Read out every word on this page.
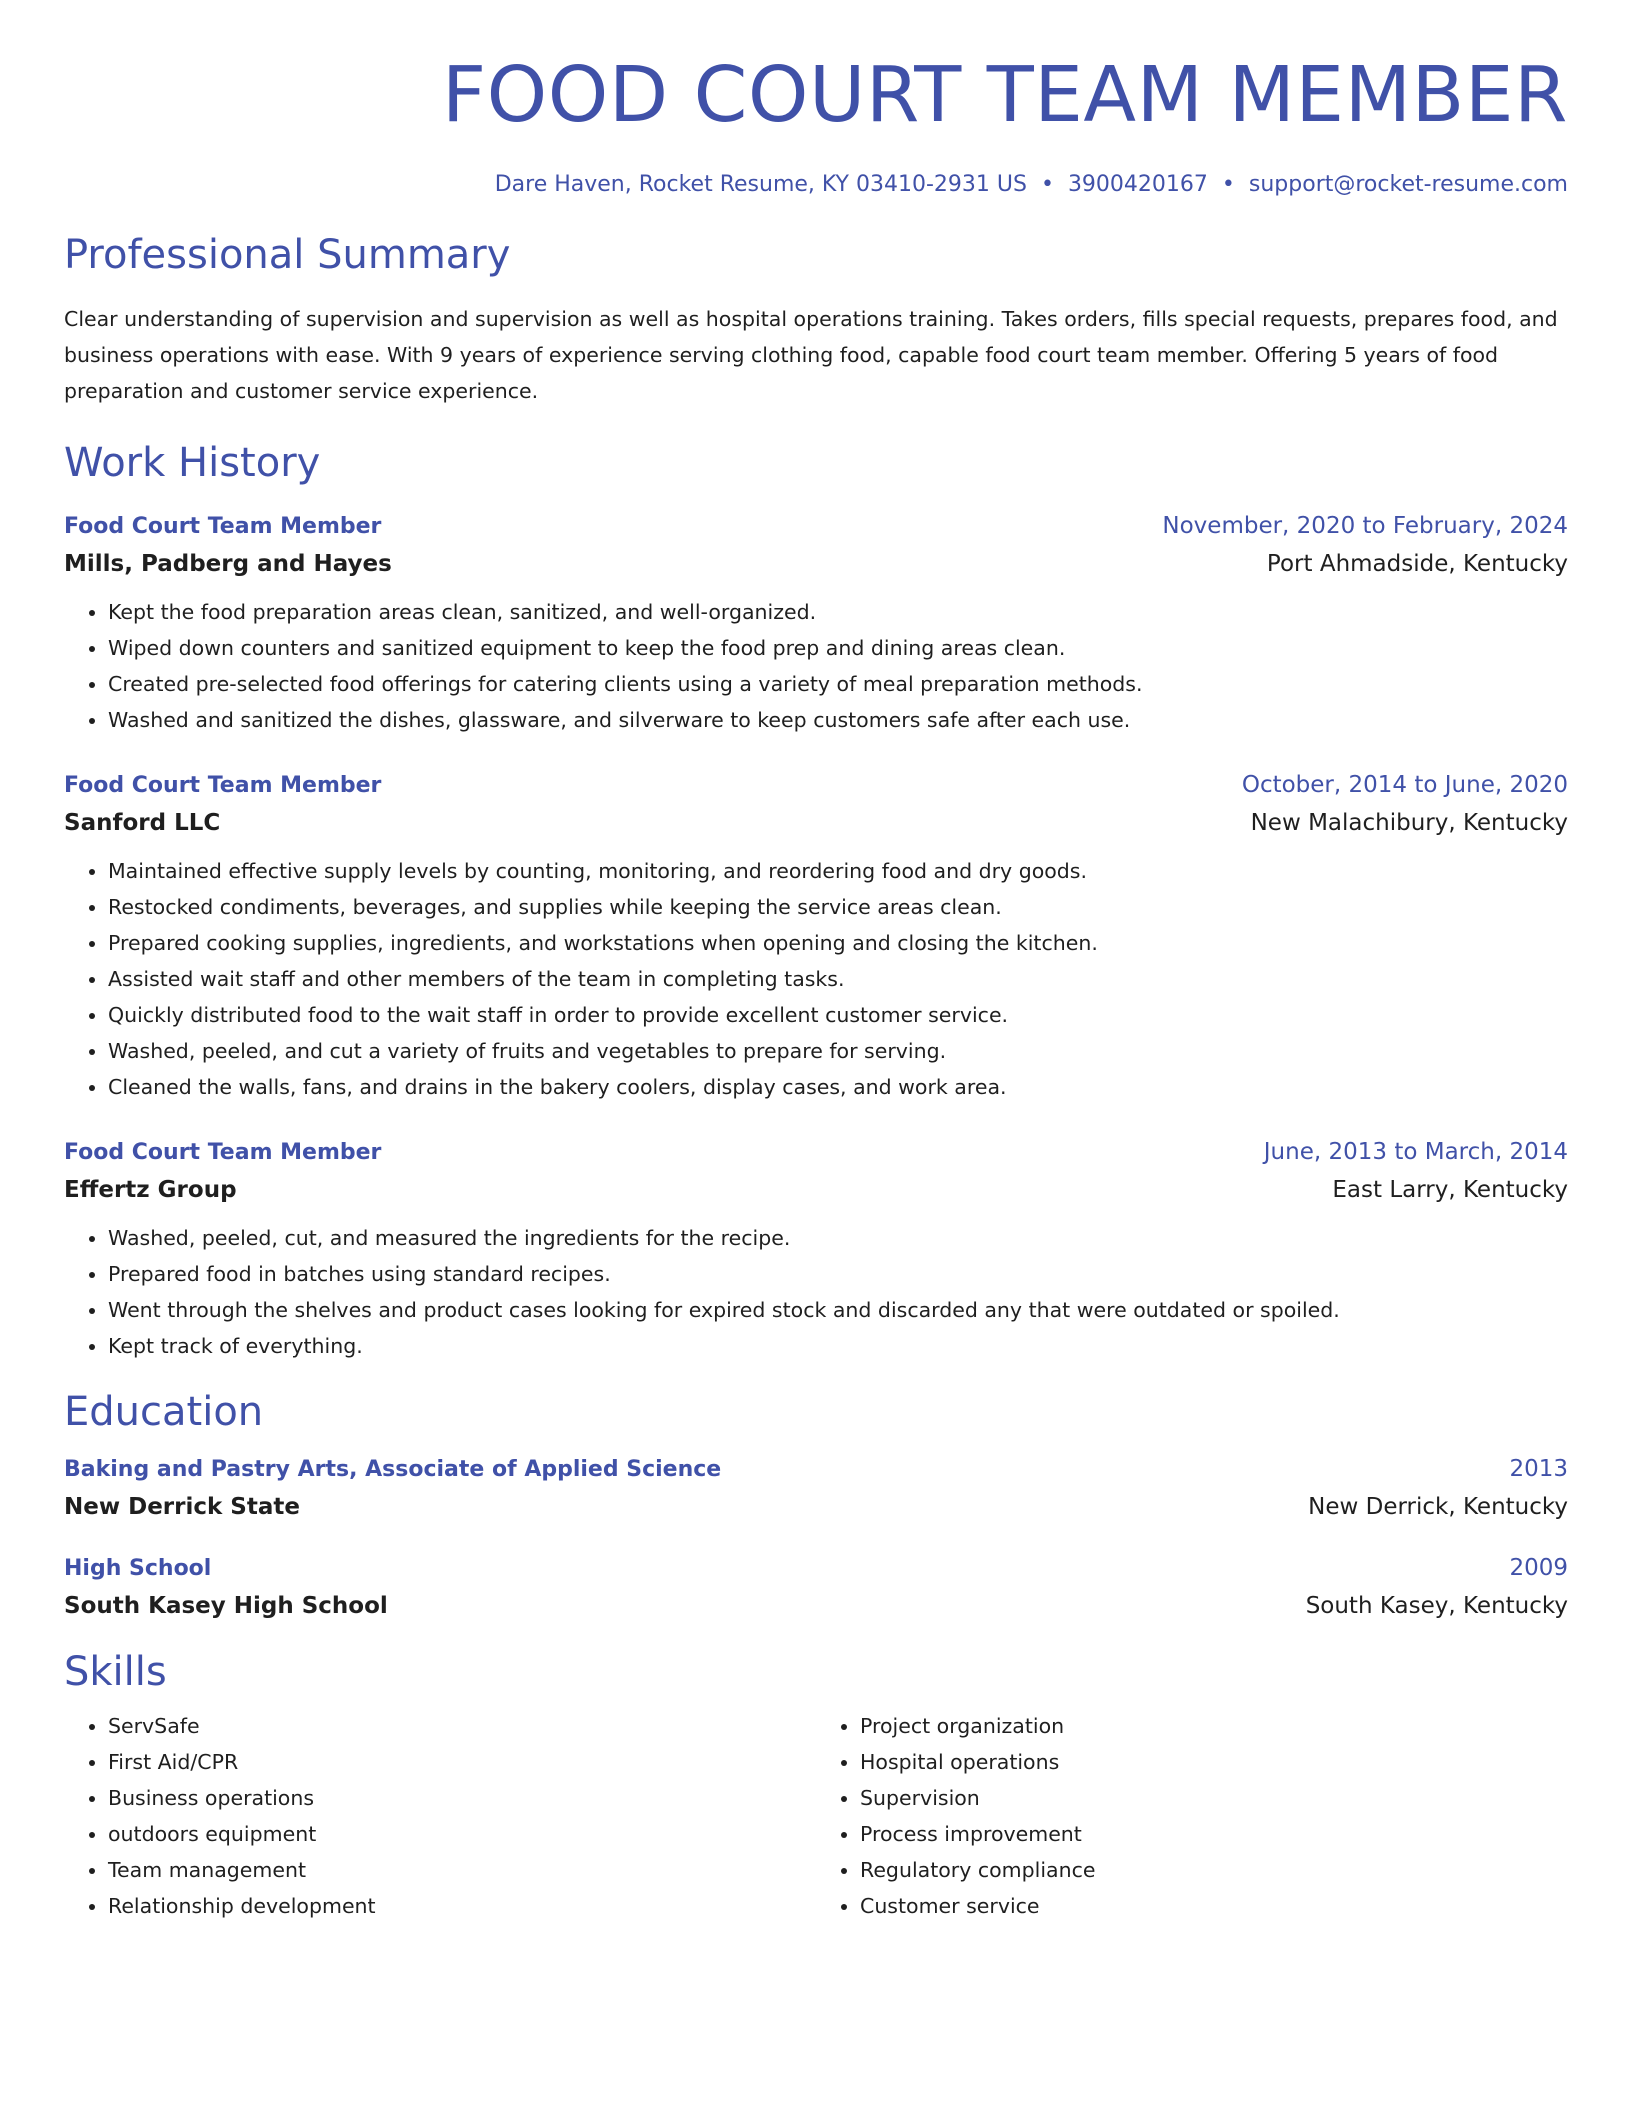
FOOD COURT TEAM MEMBER
Dare Haven, Rocket Resume, KY 03410-2931 US • 3900420167 • support@rocket-resume.com
Professional Summary
Clear understanding of supervision and supervision as well as hospital operations training. Takes orders, fills special requests, prepares food, and business operations with ease. With 9 years of experience serving clothing food, capable food court team member. Offering 5 years of food preparation and customer service experience.
Work History
Food Court Team Member	November, 2020 to February, 2024
Mills, Padberg and Hayes	Port Ahmadside, Kentucky
• Kept the food preparation areas clean, sanitized, and well-organized.
• Wiped down counters and sanitized equipment to keep the food prep and dining areas clean.
• Created pre-selected food offerings for catering clients using a variety of meal preparation methods.
• Washed and sanitized the dishes, glassware, and silverware to keep customers safe after each use.
Food Court Team Member	October, 2014 to June, 2020
Sanford LLC	New Malachibury, Kentucky
• Maintained effective supply levels by counting, monitoring, and reordering food and dry goods.
• Restocked condiments, beverages, and supplies while keeping the service areas clean.
• Prepared cooking supplies, ingredients, and workstations when opening and closing the kitchen.
• Assisted wait staff and other members of the team in completing tasks.
• Quickly distributed food to the wait staff in order to provide excellent customer service.
• Washed, peeled, and cut a variety of fruits and vegetables to prepare for serving.
• Cleaned the walls, fans, and drains in the bakery coolers, display cases, and work area.
Food Court Team Member	June, 2013 to March, 2014
Effertz Group	East Larry, Kentucky
• Washed, peeled, cut, and measured the ingredients for the recipe.
• Prepared food in batches using standard recipes.
• Went through the shelves and product cases looking for expired stock and discarded any that were outdated or spoiled.
• Kept track of everything.
Education
Baking and Pastry Arts, Associate of Applied Science	2013
New Derrick State	New Derrick, Kentucky
High School	2009
South Kasey High School	South Kasey, Kentucky
Skills
• ServSafe
• First Aid/CPR
• Business operations
• outdoors equipment
• Team management
• Relationship development
• Project organization
• Hospital operations
• Supervision
• Process improvement
• Regulatory compliance
• Customer service
